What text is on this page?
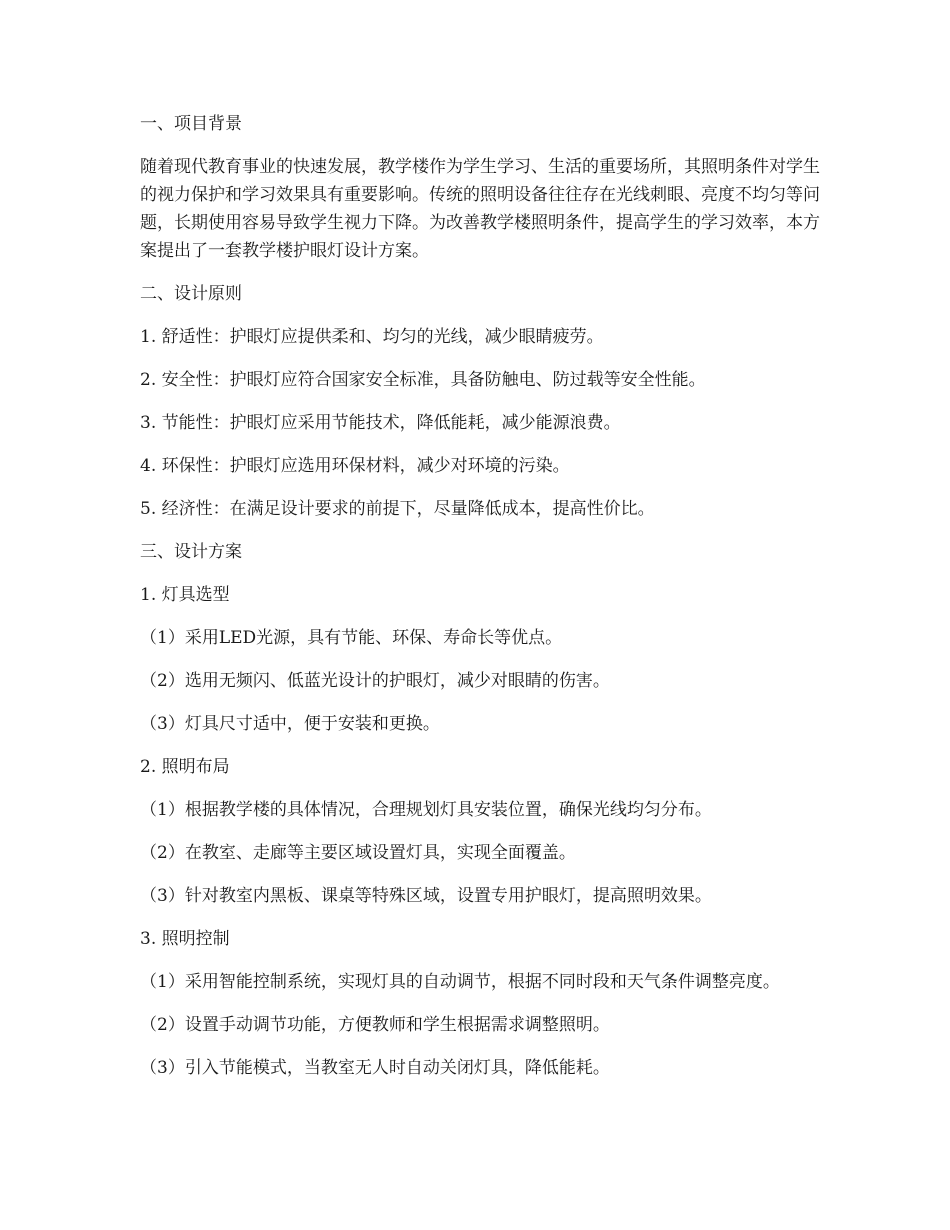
一、项目背景

随着现代教育事业的快速发展，教学楼作为学生学习、生活的重要场所，其照明条件对学生的视力保护和学习效果具有重要影响。传统的照明设备往往存在光线刺眼、亮度不均匀等问题，长期使用容易导致学生视力下降。为改善教学楼照明条件，提高学生的学习效率，本方案提出了一套教学楼护眼灯设计方案。

二、设计原则

1. 舒适性：护眼灯应提供柔和、均匀的光线，减少眼睛疲劳。

2. 安全性：护眼灯应符合国家安全标准，具备防触电、防过载等安全性能。

3. 节能性：护眼灯应采用节能技术，降低能耗，减少能源浪费。

4. 环保性：护眼灯应选用环保材料，减少对环境的污染。

5. 经济性：在满足设计要求的前提下，尽量降低成本，提高性价比。

三、设计方案

1. 灯具选型

（1）采用LED光源，具有节能、环保、寿命长等优点。

（2）选用无频闪、低蓝光设计的护眼灯，减少对眼睛的伤害。

（3）灯具尺寸适中，便于安装和更换。

2. 照明布局

（1）根据教学楼的具体情况，合理规划灯具安装位置，确保光线均匀分布。

（2）在教室、走廊等主要区域设置灯具，实现全面覆盖。

（3）针对教室内黑板、课桌等特殊区域，设置专用护眼灯，提高照明效果。

3. 照明控制

（1）采用智能控制系统，实现灯具的自动调节，根据不同时段和天气条件调整亮度。

（2）设置手动调节功能，方便教师和学生根据需求调整照明。

（3）引入节能模式，当教室无人时自动关闭灯具，降低能耗。
